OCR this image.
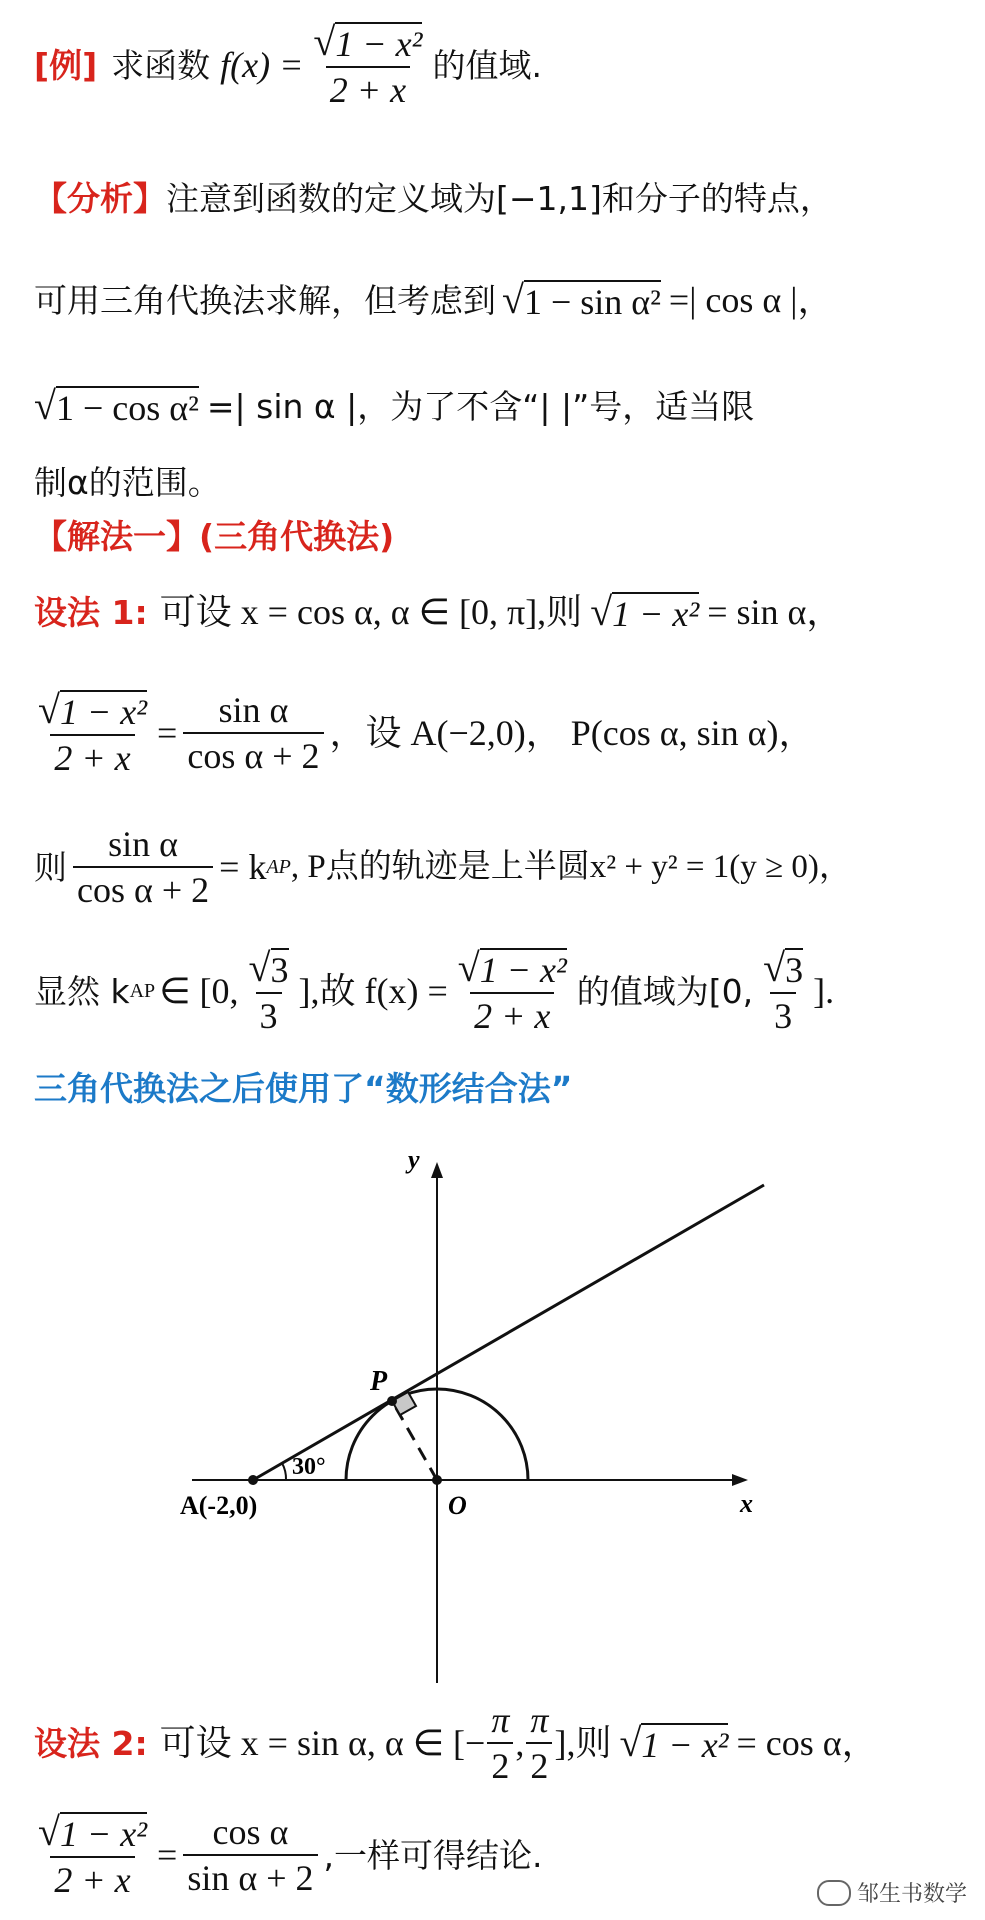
[例] 求函数 $f(x) = \frac{\text{√ 1 − x²}}{2 + x}$ 的值域.
【分析】 注意到函数的定义域为[−1,1]和分子的特点，
可用三角代换法求解，但考虑到 √ 1 − sin α² =| cos α |，
√ 1 − cos α² =| sin α |，为了不含“| |”号，适当限
制α的范围。
【解法一】(三角代换法)
设法 1: 可设 x = cos α, α ∈ [0, π],则 √ 1 − x² = sin α，
$\frac{\text{√ 1 − x²}}{2 + x} = \frac{\text{sin α}}{\text{cos α + 2}}$ ，设 A(−2,0)， P(cos α, sin α)，
则 $\frac{\text{sin α}}{\text{cos α + 2}} = k$ AP , P点的轨迹是上半圆x² + y² = 1(y ≥ 0)，
显然 k AP ∈ [0, $\frac{√ 3}{3}$ ],故 $f(x) = \frac{\text{√ 1 − x²}}{2 + x}$ 的值域为[0, $\frac{√ 3}{3}$ ].
三角代换法之后使用了“数形结合法”
y
x
P
O
A(-2,0)
30°
设法 2: 可设 x = sin α, α ∈ [− $\frac{\pi}{2}$ , $\frac{\pi}{2}$ ],则 √ 1 − x² = cos α，
$\frac{\text{√ 1 − x²}}{2 + x} = \frac{\text{cos α}}{\text{sin α + 2}}$ ,一样可得结论.
邹生书数学
